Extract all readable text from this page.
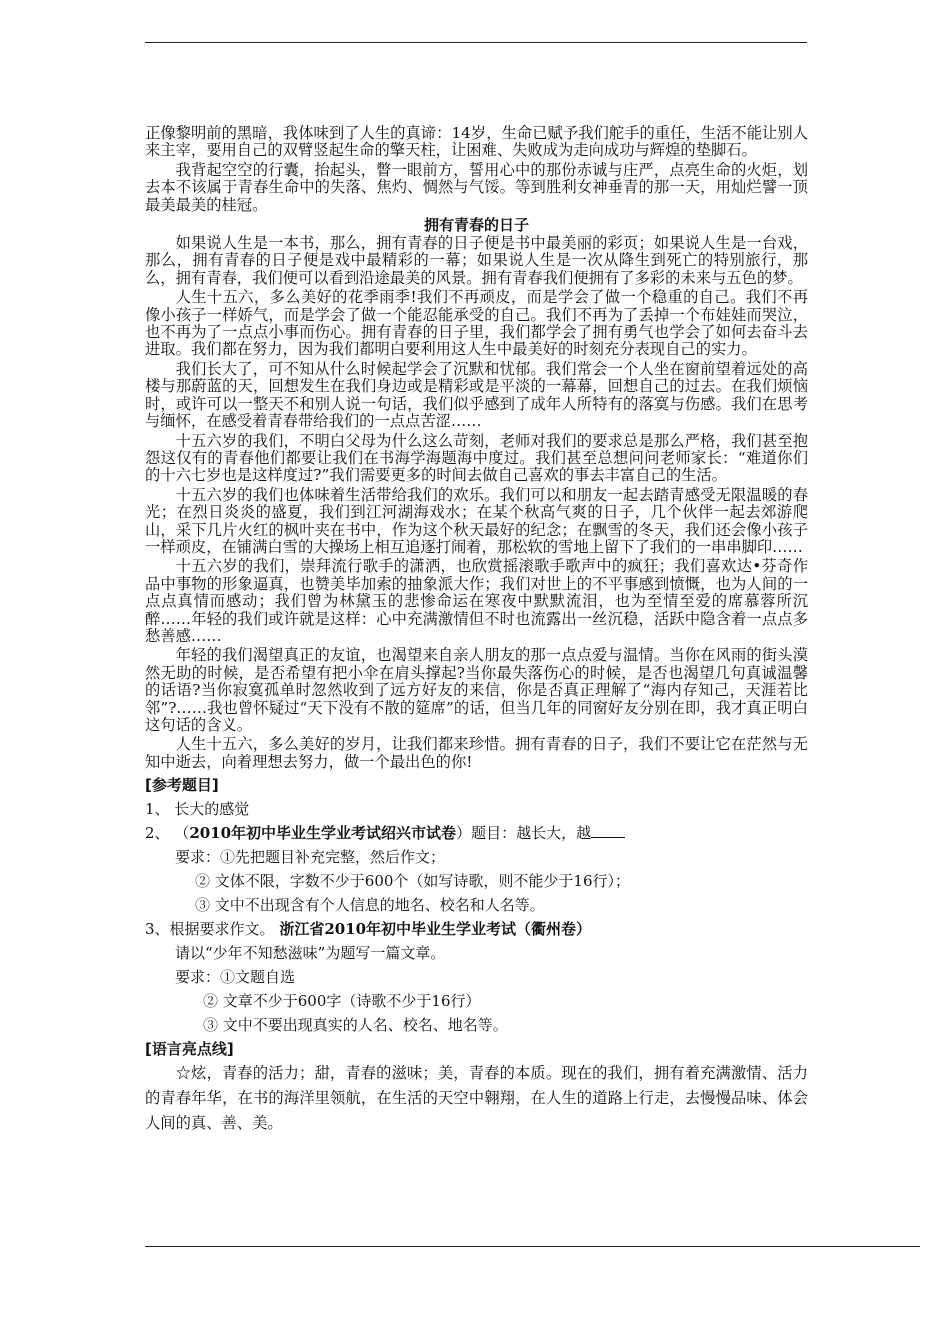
正像黎明前的黑暗，我体味到了人生的真谛：14岁，生命已赋予我们舵手的重任，生活不能让别人来主宰，要用自己的双臂竖起生命的擎天柱，让困难、失败成为走向成功与辉煌的垫脚石。

我背起空空的行囊，抬起头，瞥一眼前方，誓用心中的那份赤诚与庄严，点亮生命的火炬，划去本不该属于青春生命中的失落、焦灼、惆然与气馁。等到胜利女神垂青的那一天，用灿烂譬一顶最美最美的桂冠。

拥有青春的日子

如果说人生是一本书，那么，拥有青春的日子便是书中最美丽的彩页；如果说人生是一台戏，那么，拥有青春的日子便是戏中最精彩的一幕；如果说人生是一次从降生到死亡的特别旅行，那么，拥有青春，我们便可以看到沿途最美的风景。拥有青春我们便拥有了多彩的未来与五色的梦。

人生十五六，多么美好的花季雨季!我们不再顽皮，而是学会了做一个稳重的自己。我们不再像小孩子一样娇气，而是学会了做一个能忍能承受的自己。我们不再为了丢掉一个布娃娃而哭泣，也不再为了一点点小事而伤心。拥有青春的日子里，我们都学会了拥有勇气也学会了如何去奋斗去进取。我们都在努力，因为我们都明白要利用这人生中最美好的时刻充分表现自己的实力。

我们长大了，可不知从什么时候起学会了沉默和忧郁。我们常会一个人坐在窗前望着远处的高楼与那蔚蓝的天，回想发生在我们身边或是精彩或是平淡的一幕幕，回想自己的过去。在我们烦恼时，或许可以一整天不和别人说一句话，我们似乎感到了成年人所特有的落寞与伤感。我们在思考与缅怀，在感受着青春带给我们的一点点苦涩……

十五六岁的我们，不明白父母为什么这么苛刻，老师对我们的要求总是那么严格，我们甚至抱怨这仅有的青春他们都要让我们在书海学海题海中度过。我们甚至总想问问老师家长：“难道你们的十六七岁也是这样度过?”我们需要更多的时间去做自己喜欢的事去丰富自己的生活。

十五六岁的我们也体味着生活带给我们的欢乐。我们可以和朋友一起去踏青感受无限温暖的春光；在烈日炎炎的盛夏，我们到江河湖海戏水；在某个秋高气爽的日子，几个伙伴一起去郊游爬山，采下几片火红的枫叶夹在书中，作为这个秋天最好的纪念；在飘雪的冬天，我们还会像小孩子一样顽皮，在铺满白雪的大操场上相互追逐打闹着，那松软的雪地上留下了我们的一串串脚印……

十五六岁的我们，崇拜流行歌手的潇洒，也欣赏摇滚歌手歌声中的疯狂；我们喜欢达•芬奇作品中事物的形象逼真，也赞美毕加索的抽象派大作；我们对世上的不平事感到愤慨，也为人间的一点点真情而感动；我们曾为林黛玉的悲惨命运在寒夜中默默流泪，也为至情至爱的席慕蓉所沉醉……年轻的我们或许就是这样：心中充满激情但不时也流露出一丝沉稳，活跃中隐含着一点点多愁善感……

年轻的我们渴望真正的友谊，也渴望来自亲人朋友的那一点点爱与温情。当你在风雨的街头漠然无助的时候，是否希望有把小伞在肩头撑起?当你最失落伤心的时候，是否也渴望几句真诚温馨的话语?当你寂寞孤单时忽然收到了远方好友的来信，你是否真正理解了“海内存知己，天涯若比邻”?……我也曾怀疑过“天下没有不散的筵席”的话，但当几年的同窗好友分别在即，我才真正明白这句话的含义。

人生十五六，多么美好的岁月，让我们都来珍惜。拥有青春的日子，我们不要让它在茫然与无知中逝去，向着理想去努力，做一个最出色的你!

[参考题目]
1、 长大的感觉
2、 （2010年初中毕业生学业考试绍兴市试卷）题目：越长大，越
要求：①先把题目补充完整，然后作文；
② 文体不限，字数不少于600个（如写诗歌，则不能少于16行）；
③ 文中不出现含有个人信息的地名、校名和人名等。
3、根据要求作文。 浙江省2010年初中毕业生学业考试（衢州卷）
请以“少年不知愁滋味”为题写一篇文章。
要求：①文题自选
② 文章不少于600字（诗歌不少于16行）
③ 文中不要出现真实的人名、校名、地名等。
[语言亮点线]

☆炫，青春的活力；甜，青春的滋味；美，青春的本质。现在的我们，拥有着充满激情、活力的青春年华，在书的海洋里领航，在生活的天空中翱翔，在人生的道路上行走，去慢慢品味、体会人间的真、善、美。
